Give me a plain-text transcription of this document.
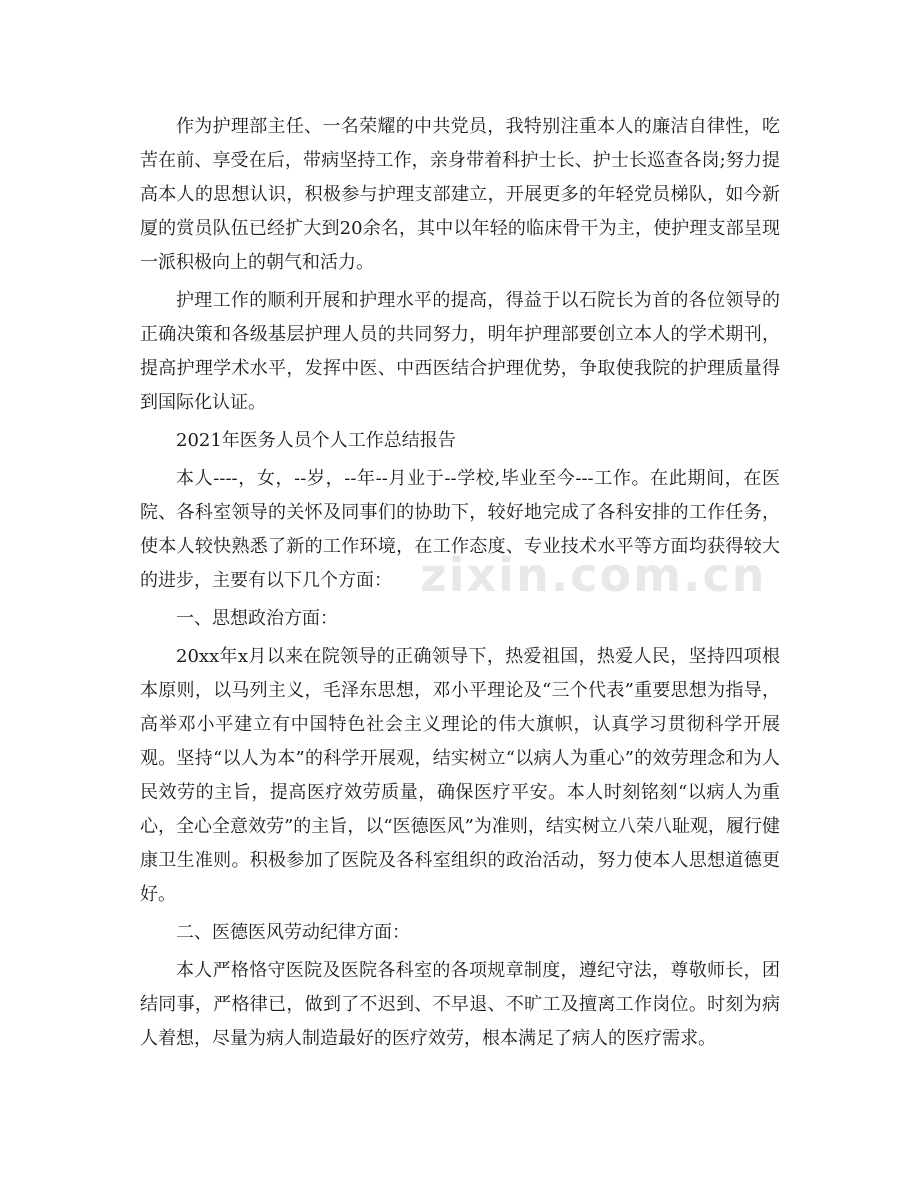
作为护理部主任、一名荣耀的中共党员，我特别注重本人的廉洁自律性，吃苦在前、享受在后，带病坚持工作，亲身带着科护士长、护士长巡查各岗;努力提高本人的思想认识，积极参与护理支部建立，开展更多的年轻党员梯队，如今新厦的赏员队伍已经扩大到20余名，其中以年轻的临床骨干为主，使护理支部呈现一派积极向上的朝气和活力。

护理工作的顺利开展和护理水平的提高，得益于以石院长为首的各位领导的正确决策和各级基层护理人员的共同努力，明年护理部要创立本人的学术期刊，提高护理学术水平，发挥中医、中西医结合护理优势，争取使我院的护理质量得到国际化认证。

2021年医务人员个人工作总结报告

本人----，女，--岁，--年--月业于--学校,毕业至今---工作。在此期间，在医院、各科室领导的关怀及同事们的协助下，较好地完成了各科安排的工作任务，使本人较快熟悉了新的工作环境，在工作态度、专业技术水平等方面均获得较大的进步，主要有以下几个方面：

一、思想政治方面：

20xx年x月以来在院领导的正确领导下，热爱祖国，热爱人民，坚持四项根本原则，以马列主义，毛泽东思想，邓小平理论及“三个代表”重要思想为指导，高举邓小平建立有中国特色社会主义理论的伟大旗帜，认真学习贯彻科学开展观。坚持“以人为本”的科学开展观，结实树立“以病人为重心”的效劳理念和为人民效劳的主旨，提高医疗效劳质量，确保医疗平安。本人时刻铭刻“以病人为重心，全心全意效劳”的主旨，以“医德医风”为准则，结实树立八荣八耻观，履行健康卫生准则。积极参加了医院及各科室组织的政治活动，努力使本人思想道德更好。

二、医德医风劳动纪律方面：

本人严格恪守医院及医院各科室的各项规章制度，遵纪守法，尊敬师长，团结同事，严格律已，做到了不迟到、不早退、不旷工及擅离工作岗位。时刻为病人着想，尽量为病人制造最好的医疗效劳，根本满足了病人的医疗需求。

zixin.com.cn
